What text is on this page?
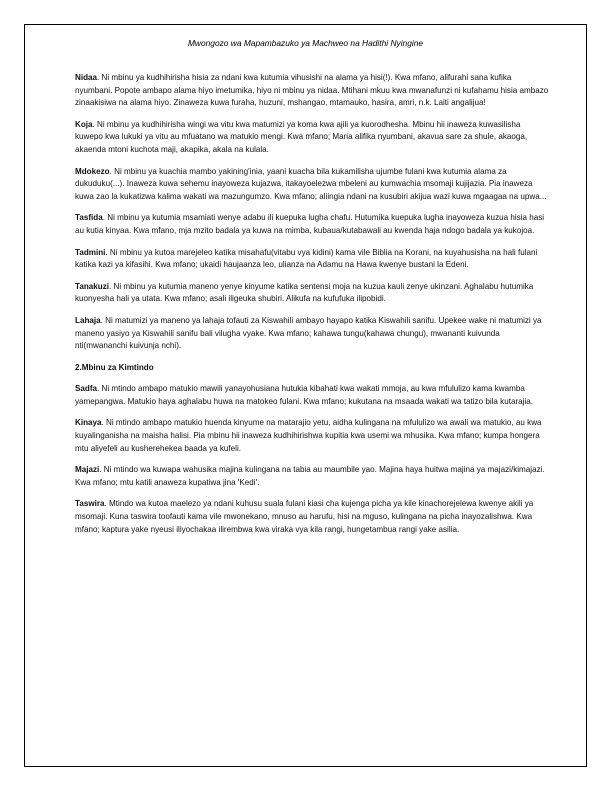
Mwongozo wa Mapambazuko ya Machweo na Hadithi Nyingine

Nidaa. Ni mbinu ya kudhihirisha hisia za ndani kwa kutumia vihusishi na alama ya hisi(!). Kwa mfano, alifurahi sana kufika nyumbani. Popote ambapo alama hiyo imetumika, hiyo ni mbinu ya nidaa. Mtihani mkuu kwa mwanafunzi ni kufahamu hisia ambazo zinaakisiwa na alama hiyo. Zinaweza kuwa furaha, huzuni, mshangao, mtamauko, hasira, amri, n.k. Laiti angalijua!

Koja. Ni mbinu ya kudhihirisha wingi wa vitu kwa matumizi ya koma kwa ajili ya kuorodhesha. Mbinu hii inaweza kuwasilisha kuwepo kwa lukuki ya vitu au mfuatano wa matukio mengi. Kwa mfano; Maria alifika nyumbani, akavua sare za shule, akaoga, akaenda mtoni kuchota maji, akapika, akala na kulala.

Mdokezo. Ni mbinu ya kuachia mambo yakining'inia, yaani kuacha bila kukamilisha ujumbe fulani kwa kutumia alama za dukuduku(...). Inaweza kuwa sehemu inayoweza kujazwa, itakayoelezwa mbeleni au kumwachia msomaji kujijazia. Pia inaweza kuwa zao la kukatizwa kalima wakati wa mazungumzo. Kwa mfano; aliingia ndani na kusubiri akijua wazi kuwa mgaagaa na upwa...

Tasfida. Ni mbinu ya kutumia msamiati wenye adabu ili kuepuka lugha chafu. Hutumika kuepuka lugha inayoweza kuzua hisia hasi au kutia kinyaa. Kwa mfano, mja mzito badala ya kuwa na mimba, kubaua/kutabawali au kwenda haja ndogo badala ya kukojoa.

Tadmini. Ni mbinu ya kutoa marejeleo katika misahafu(vitabu vya kidini) kama vile Biblia na Korani, na kuyahusisha na hali fulani katika kazi ya kifasihi. Kwa mfano; ukaidi haujaanza leo, ulianza na Adamu na Hawa kwenye bustani la Edeni.

Tanakuzi. Ni mbinu ya kutumia maneno yenye kinyume katika sentensi moja na kuzua kauli zenye ukinzani. Aghalabu hutumika kuonyesha hali ya utata. Kwa mfano; asali iligeuka shubiri. Alikufa na kufufuka ilipobidi.

Lahaja. Ni matumizi ya maneno ya lahaja tofauti za Kiswahili ambayo hayapo katika Kiswahili sanifu. Upekee wake ni matumizi ya maneno yasiyo ya Kiswahili sanifu bali vilugha vyake. Kwa mfano; kahawa tungu(kahawa chungu), mwananti kuivunda nti(mwananchi kuivunja nchi).

2.Mbinu za Kimtindo

Sadfa. Ni mtindo ambapo matukio mawili yanayohusiana hutukia kibahati kwa wakati mmoja, au kwa mfululizo kama kwamba yamepangwa. Matukio haya aghalabu huwa na matokeo fulani. Kwa mfano; kukutana na msaada wakati wa tatizo bila kutarajia.

Kinaya. Ni mtindo ambapo matukio huenda kinyume na matarajio yetu, aidha kulingana na mfululizo wa awali wa matukio, au kwa kuyalinganisha na maisha halisi. Pia mbinu hii inaweza kudhihirishwa kupitia kwa usemi wa mhusika. Kwa mfano; kumpa hongera mtu aliyefeli au kusherehekea baada ya kufeli.

Majazi. Ni mtindo wa kuwapa wahusika majina kulingana na tabia au maumbile yao. Majina haya huitwa majina ya majazi/kimajazi. Kwa mfano; mtu katili anaweza kupatiwa jina 'Kedi'.

Taswira. Mtindo wa kutoa maelezo ya ndani kuhusu suala fulani kiasi cha kujenga picha ya kile kinachorejelewa kwenye akili ya msomaji. Kuna taswira toofauti kama vile mwonekano, mnuso au harufu, hisi na mguso, kulingana na picha inayozalishwa. Kwa mfano; kaptura yake nyeusi iliyochakaa ilirembwa kwa viraka vya kila rangi, hungetambua rangi yake asilia.
